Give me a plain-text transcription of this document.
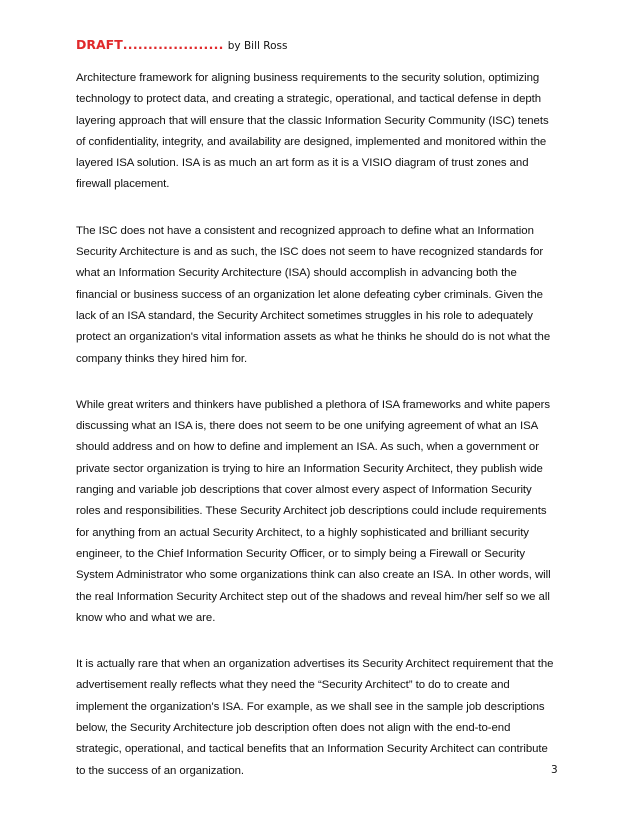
DRAFT.................... by Bill Ross
Architecture framework for aligning business requirements to the security solution, optimizing
technology to protect data, and creating a strategic, operational, and tactical defense in depth
layering approach that will ensure that the classic Information Security Community (ISC) tenets
of confidentiality, integrity, and availability are designed, implemented and monitored within the
layered ISA solution. ISA is as much an art form as it is a VISIO diagram of trust zones and
firewall placement.
The ISC does not have a consistent and recognized approach to define what an Information
Security Architecture is and as such, the ISC does not seem to have recognized standards for
what an Information Security Architecture (ISA) should accomplish in advancing both the
financial or business success of an organization let alone defeating cyber criminals. Given the
lack of an ISA standard, the Security Architect sometimes struggles in his role to adequately
protect an organization's vital information assets as what he thinks he should do is not what the
company thinks they hired him for.
While great writers and thinkers have published a plethora of ISA frameworks and white papers
discussing what an ISA is, there does not seem to be one unifying agreement of what an ISA
should address and on how to define and implement an ISA. As such, when a government or
private sector organization is trying to hire an Information Security Architect, they publish wide
ranging and variable job descriptions that cover almost every aspect of Information Security
roles and responsibilities. These Security Architect job descriptions could include requirements
for anything from an actual Security Architect, to a highly sophisticated and brilliant security
engineer, to the Chief Information Security Officer, or to simply being a Firewall or Security
System Administrator who some organizations think can also create an ISA. In other words, will
the real Information Security Architect step out of the shadows and reveal him/her self so we all
know who and what we are.
It is actually rare that when an organization advertises its Security Architect requirement that the
advertisement really reflects what they need the “Security Architect” to do to create and
implement the organization's ISA. For example, as we shall see in the sample job descriptions
below, the Security Architecture job description often does not align with the end-to-end
strategic, operational, and tactical benefits that an Information Security Architect can contribute
to the success of an organization.	3
